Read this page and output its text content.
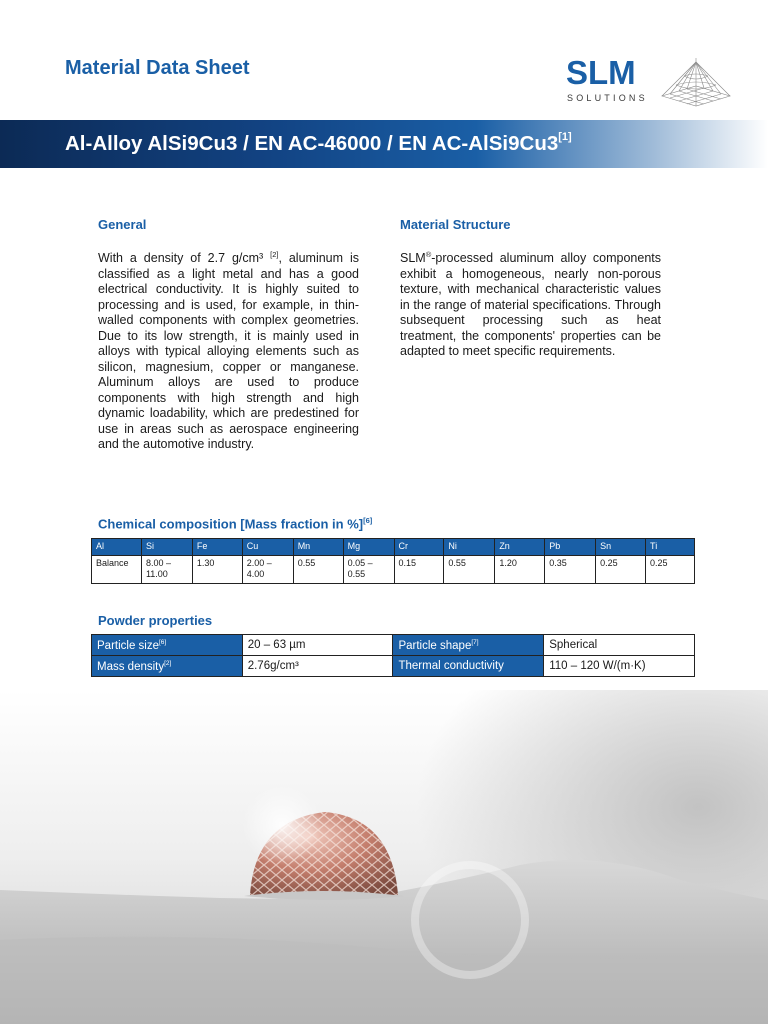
Material Data Sheet	SLM
SOLUTIONS
Al-Alloy AlSi9Cu3 / EN AC-46000 / EN AC-AlSi9Cu3[1]
General
With a density of 2.7 g/cm³ [2], aluminum is classified as a light metal and has a good electrical conductivity. It is highly suited to processing and is used, for example, in thin-walled components with complex geometries. Due to its low strength, it is mainly used in alloys with typical alloying elements such as silicon, magnesium, copper or manganese. Aluminum alloys are used to produce components with high strength and high dynamic loadability, which are predestined for use in areas such as aerospace engineering and the automotive industry.
Material Structure
SLM®-processed aluminum alloy components exhibit a homogeneous, nearly non-porous texture, with mechanical characteristic values in the range of material specifications. Through subsequent processing such as heat treatment, the components' properties can be adapted to meet specific requirements.
Chemical composition [Mass fraction in %][6]
Al	Si	Fe	Cu	Mn	Mg	Cr	Ni	Zn	Pb	Sn	Ti
Balance	8.00 – 11.00	1.30	2.00 – 4.00	0.55	0.05 – 0.55	0.15	0.55	1.20	0.35	0.25	0.25
Powder properties
Particle size[6]	20 – 63 µm	Particle shape[7]	Spherical
Mass density[2]	2.76g/cm³	Thermal conductivity	110 – 120 W/(m·K)
